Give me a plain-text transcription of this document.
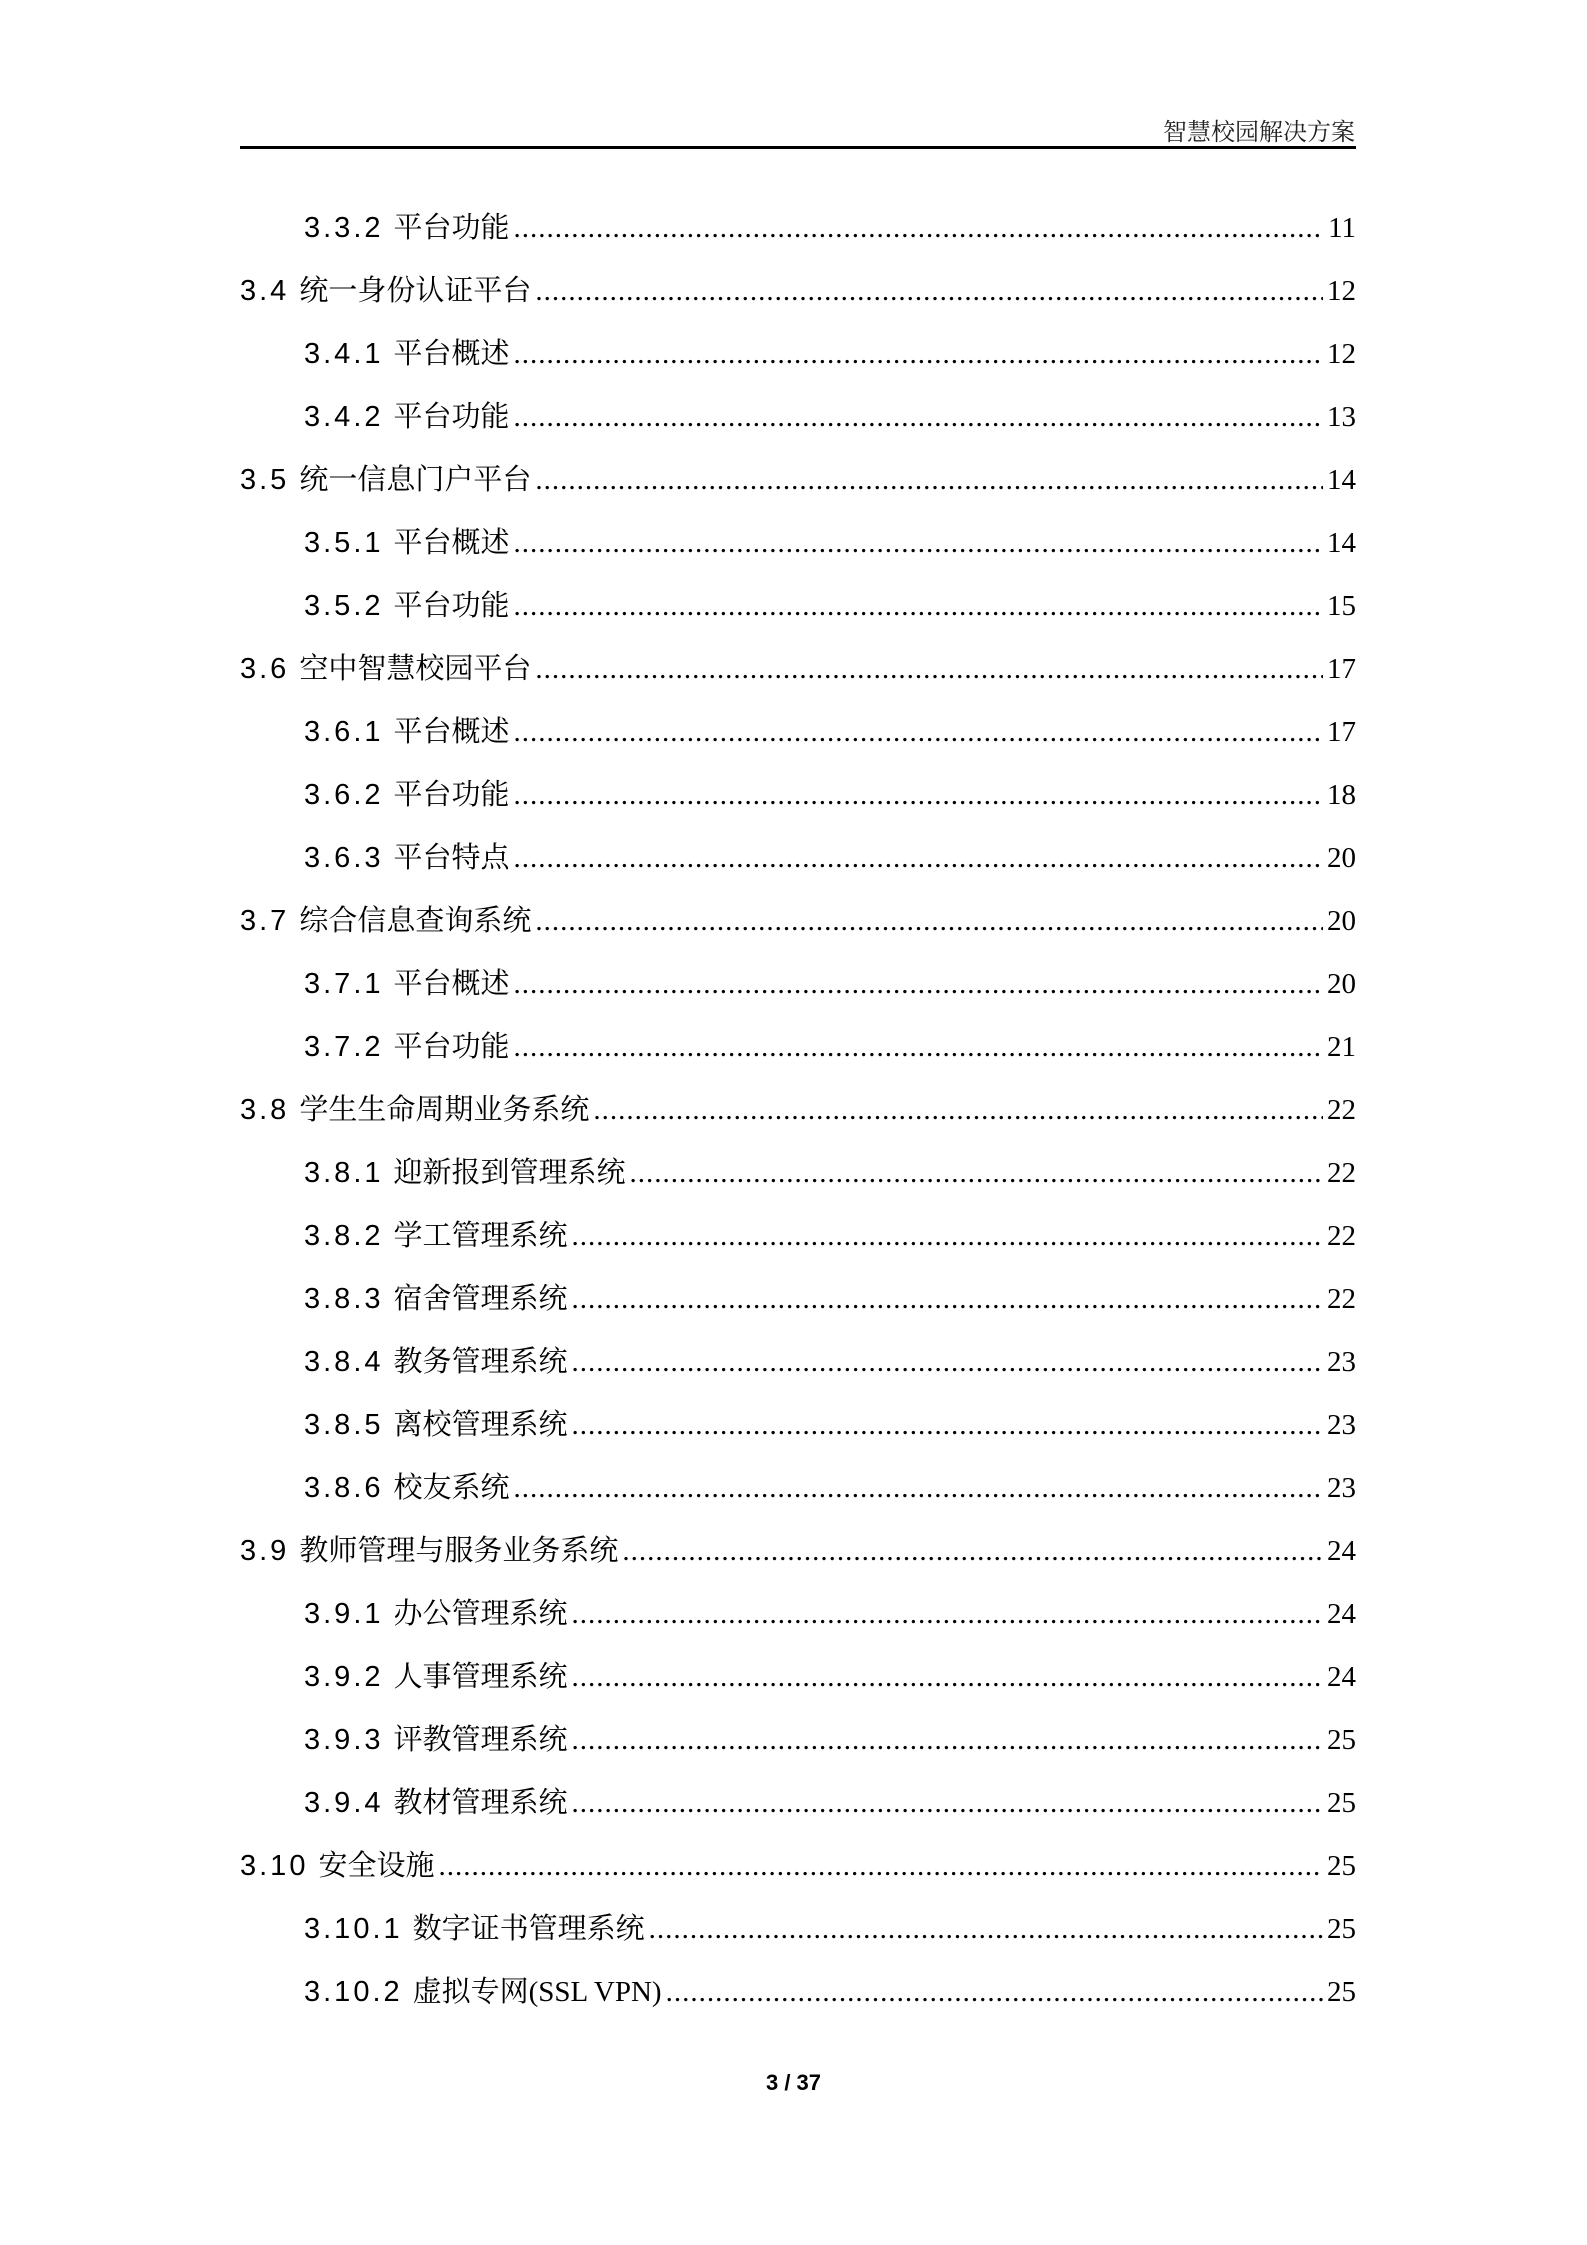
智慧校园解决方案
3.3.2 平台功能 .....	11
3.4 统一身份认证平台 .....	12
3.4.1 平台概述 .....	12
3.4.2 平台功能 .....	13
3.5 统一信息门户平台 .....	14
3.5.1 平台概述 .....	14
3.5.2 平台功能 .....	15
3.6 空中智慧校园平台 .....	17
3.6.1 平台概述 .....	17
3.6.2 平台功能 .....	18
3.6.3 平台特点 .....	20
3.7 综合信息查询系统 .....	20
3.7.1 平台概述 .....	20
3.7.2 平台功能 .....	21
3.8 学生生命周期业务系统 .....	22
3.8.1 迎新报到管理系统 .....	22
3.8.2 学工管理系统 .....	22
3.8.3 宿舍管理系统 .....	22
3.8.4 教务管理系统 .....	23
3.8.5 离校管理系统 .....	23
3.8.6 校友系统 .....	23
3.9 教师管理与服务业务系统 .....	24
3.9.1 办公管理系统 .....	24
3.9.2 人事管理系统 .....	24
3.9.3 评教管理系统 .....	25
3.9.4 教材管理系统 .....	25
3.10 安全设施 .....	25
3.10.1 数字证书管理系统 .....	25
3.10.2 虚拟专网(SSL VPN) .....	25
3 / 37
